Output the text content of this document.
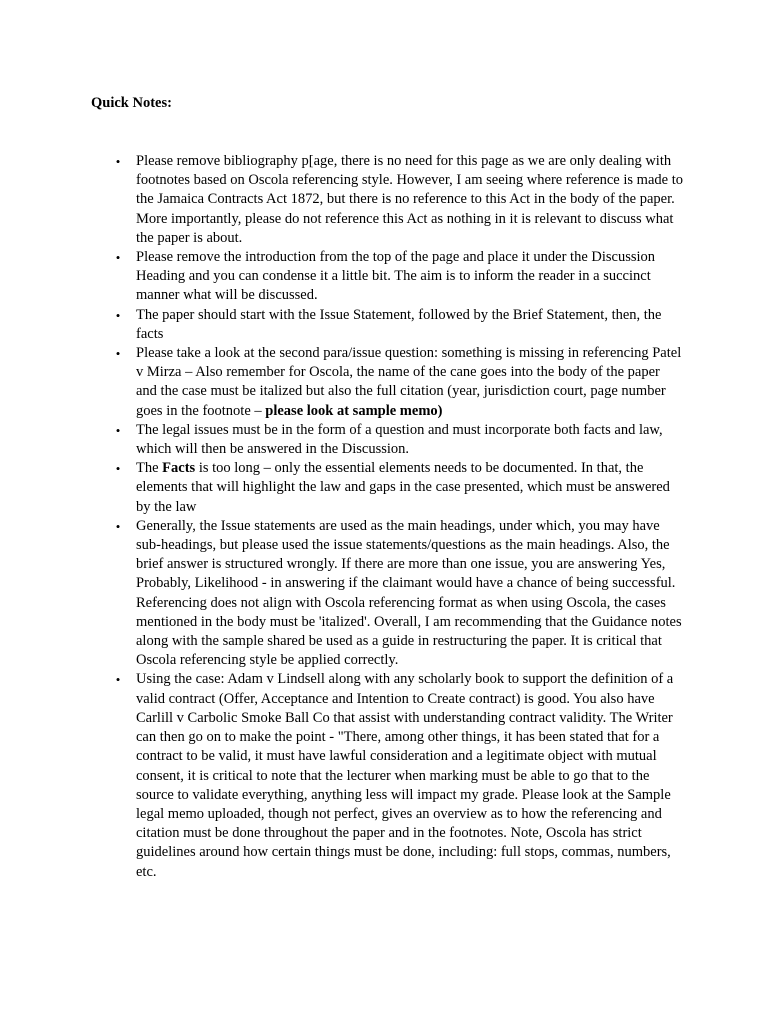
Quick Notes:

• Please remove bibliography p[age, there is no need for this page as we are only dealing with footnotes based on Oscola referencing style. However, I am seeing where reference is made to the Jamaica Contracts Act 1872, but there is no reference to this Act in the body of the paper. More importantly, please do not reference this Act as nothing in it is relevant to discuss what the paper is about.
• Please remove the introduction from the top of the page and place it under the Discussion Heading and you can condense it a little bit. The aim is to inform the reader in a succinct manner what will be discussed.
• The paper should start with the Issue Statement, followed by the Brief Statement, then, the facts
• Please take a look at the second para/issue question: something is missing in referencing Patel v Mirza – Also remember for Oscola, the name of the cane goes into the body of the paper and the case must be italized but also the full citation (year, jurisdiction court, page number goes in the footnote – please look at sample memo)
• The legal issues must be in the form of a question and must incorporate both facts and law, which will then be answered in the Discussion.
• The Facts is too long – only the essential elements needs to be documented. In that, the elements that will highlight the law and gaps in the case presented, which must be answered by the law
• Generally, the Issue statements are used as the main headings, under which, you may have sub-headings, but please used the issue statements/questions as the main headings. Also, the brief answer is structured wrongly. If there are more than one issue, you are answering Yes, Probably, Likelihood - in answering if the claimant would have a chance of being successful. Referencing does not align with Oscola referencing format as when using Oscola, the cases mentioned in the body must be 'italized'. Overall, I am recommending that the Guidance notes along with the sample shared be used as a guide in restructuring the paper. It is critical that Oscola referencing style be applied correctly.
• Using the case: Adam v Lindsell along with any scholarly book to support the definition of a valid contract (Offer, Acceptance and Intention to Create contract) is good. You also have Carlill v Carbolic Smoke Ball Co that assist with understanding contract validity. The Writer can then go on to make the point - "There, among other things, it has been stated that for a contract to be valid, it must have lawful consideration and a legitimate object with mutual consent, it is critical to note that the lecturer when marking must be able to go that to the source to validate everything, anything less will impact my grade. Please look at the Sample legal memo uploaded, though not perfect, gives an overview as to how the referencing and citation must be done throughout the paper and in the footnotes. Note, Oscola has strict guidelines around how certain things must be done, including: full stops, commas, numbers, etc.
